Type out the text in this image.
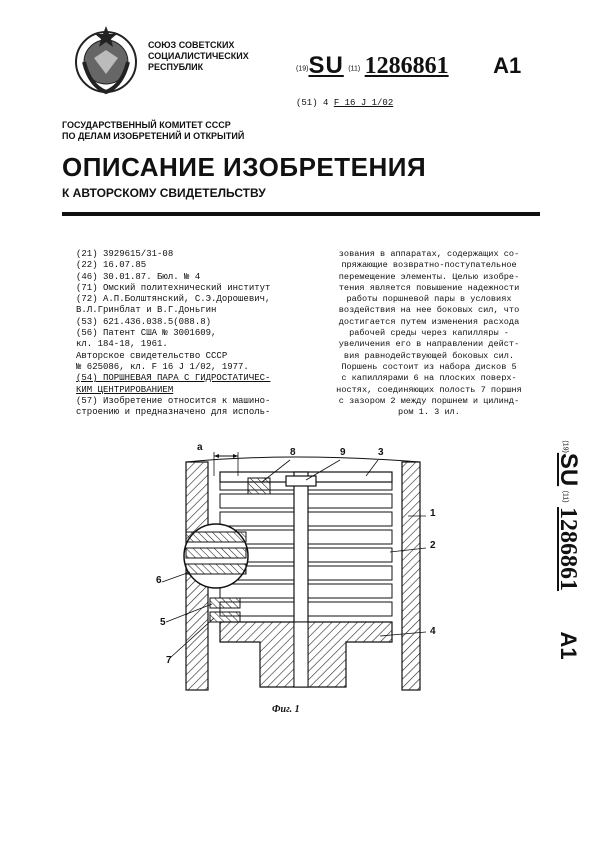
СОЮЗ СОВЕТСКИХ
СОЦИАЛИСТИЧЕСКИХ
РЕСПУБЛИК	(19)SU (11) 1286861 A1
(51) 4 F 16 J 1/02
ГОСУДАРСТВЕННЫЙ КОМИТЕТ СССР
ПО ДЕЛАМ ИЗОБРЕТЕНИЙ И ОТКРЫТИЙ
ОПИСАНИЕ ИЗОБРЕТЕНИЯ
К АВТОРСКОМУ СВИДЕТЕЛЬСТВУ
(21) 3929615/31-08
(22) 16.07.85
(46) 30.01.87. Бюл. № 4
(71) Омский политехнический институт
(72) А.П.Болштянский, С.Э.Дорошевич,
В.Л.Гринблат и В.Г.Доньгин
(53) 621.436.038.5(088.8)
(56) Патент США № 3001609,
кл. 184-18, 1961.
Авторское свидетельство СССР
№ 625086, кл. F 16 J 1/02, 1977.
(54) ПОРШНЕВАЯ ПАРА С ГИДРОСТАТИЧЕС-
КИМ ЦЕНТРИРОВАНИЕМ
(57) Изобретение относится к машино-
строению и предназначено для исполь-
зования в аппаратах, содержащих со-
пряжающие возвратно-поступательное
перемещение элементы. Целью изобре-
тения является повышение надежности
работы поршневой пары в условиях
воздействия на нее боковых сил, что
достигается путем изменения расхода
рабочей среды через капилляры -
увеличения его в направлении дейст-
вия равнодействующей боковых сил.
Поршень состоит из набора дисков 5
с капиллярами 6 на плоских поверх-
ностях, соединяющих полость 7 поршня
с зазором 2 между поршнем и цилинд-
ром 1. 3 ил.
(19)SU (11) 1286861 A1
a	8	9	3
1
2
6
5
4
7
Фиг. 1
